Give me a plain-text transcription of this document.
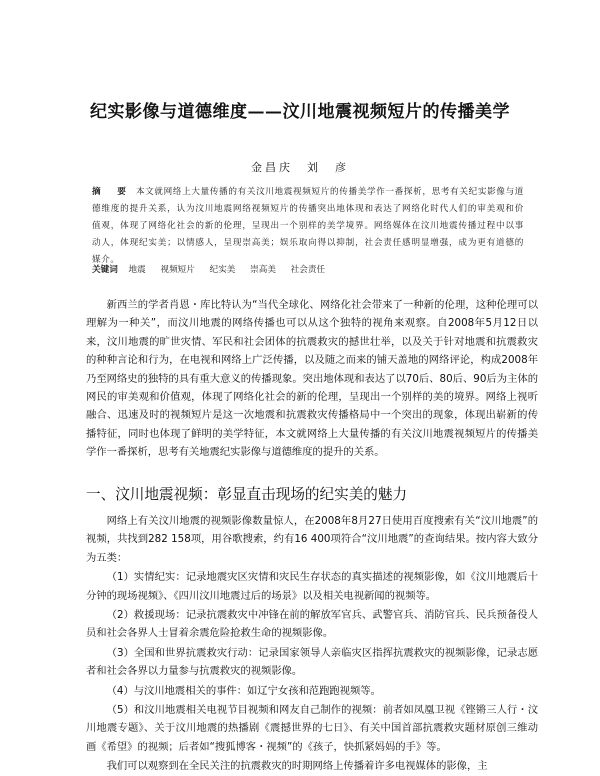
纪实影像与道德维度——汶川地震视频短片的传播美学
金昌庆　刘　彦
摘　要 本文就网络上大量传播的有关汶川地震视频短片的传播美学作一番探析，思考有关纪实影像与道德维度的提升关系，认为汶川地震网络视频短片的传播突出地体现和表达了网络化时代人们的审美观和价值观，体现了网络化社会的新的伦理，呈现出一个别样的美学境界。网络媒体在汶川地震传播过程中以事动人，体现纪实美；以情感人，呈现崇高美；娱乐取向得以抑制，社会责任感明显增强，成为更有道德的媒介。
关键词 地震 视频短片 纪实美 崇高美 社会责任
新西兰的学者肖恩・库比特认为“当代全球化、网络化社会带来了一种新的伦理，这种伦理可以理解为一种关”，而汶川地震的网络传播也可以从这个独特的视角来观察。自2008年5月12日以来，汶川地震的旷世灾情、军民和社会团体的抗震救灾的撼世壮举，以及关于针对地震和抗震救灾的种种言论和行为，在电视和网络上广泛传播，以及随之而来的铺天盖地的网络评论，构成2008年乃至网络史的独特的具有重大意义的传播现象。突出地体现和表达了以70后、80后、90后为主体的网民的审美观和价值观，体现了网络化社会的新的伦理，呈现出一个别样的美的境界。网络上视听融合、迅速及时的视频短片是这一次地震和抗震救灾传播格局中一个突出的现象，体现出崭新的传播特征，同时也体现了鲜明的美学特征，本文就网络上大量传播的有关汶川地震视频短片的传播美学作一番探析，思考有关地震纪实影像与道德维度的提升的关系。
一、汶川地震视频：彰显直击现场的纪实美的魅力

网络上有关汶川地震的视频影像数量惊人，在2008年8月27日使用百度搜索有关“汶川地震”的视频，共找到282 158项，用谷歌搜索，约有16 400项符合“汶川地震”的查询结果。按内容大致分为五类：

（1）实情纪实：记录地震灾区灾情和灾民生存状态的真实描述的视频影像，如《汶川地震后十分钟的现场视频》、《四川汶川地震过后的场景》以及相关电视新闻的视频等。

（2）救援现场：记录抗震救灾中冲锋在前的解放军官兵、武警官兵、消防官兵、民兵预备役人员和社会各界人士冒着余震危险抢救生命的视频影像。

（3）全国和世界抗震救灾行动：记录国家领导人亲临灾区指挥抗震救灾的视频影像，记录志愿者和社会各界以力量参与抗震救灾的视频影像。

（4）与汶川地震相关的事件：如辽宁女孩和范跑跑视频等。

（5）和汶川地震相关电视节目视频和网友自己制作的视频：前者如凤凰卫视《铿锵三人行・汶川地震专题》、关于汶川地震的热播剧《震撼世界的七日》、有关中国首部抗震救灾题材原创三维动画《希望》的视频；后者如“搜狐博客・视频”的《孩子，快抓紧妈妈的手》等。

我们可以观察到在全民关注的抗震救灾的时期网络上传播着许多电视媒体的影像，主
